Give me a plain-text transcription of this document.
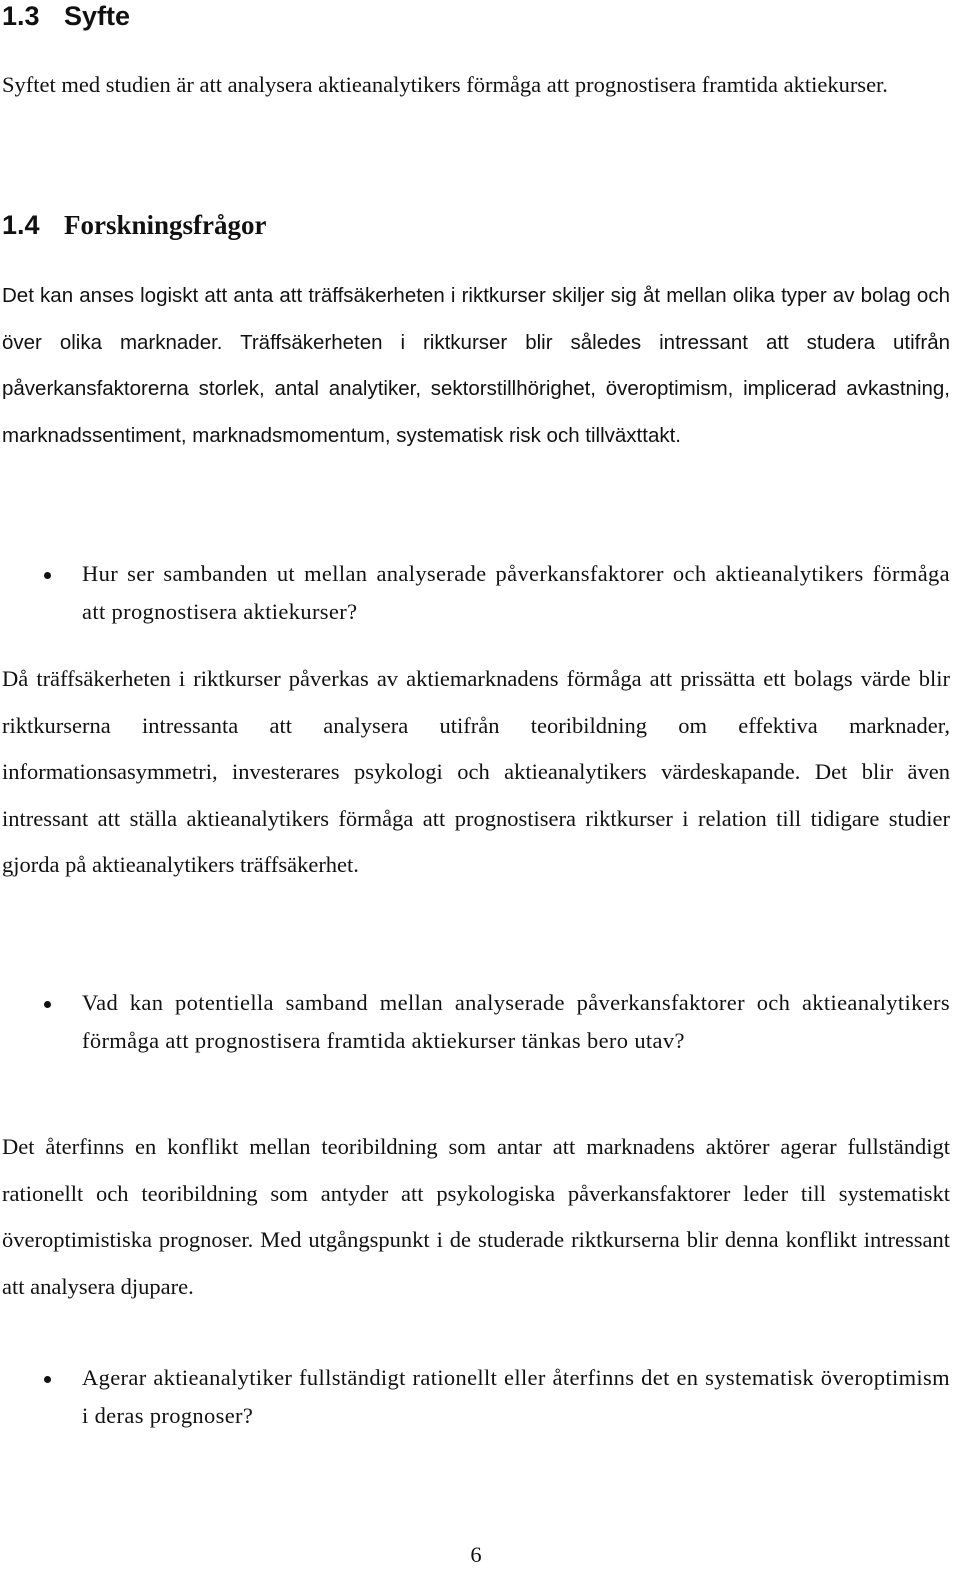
1.3 Syfte

Syftet med studien är att analysera aktieanalytikers förmåga att prognostisera framtida aktiekurser.

1.4 Forskningsfrågor

Det kan anses logiskt att anta att träffsäkerheten i riktkurser skiljer sig åt mellan olika typer av bolag och över olika marknader. Träffsäkerheten i riktkurser blir således intressant att studera utifrån påverkansfaktorerna storlek, antal analytiker, sektorstillhörighet, överoptimism, implicerad avkastning, marknadssentiment, marknadsmomentum, systematisk risk och tillväxttakt.

Hur ser sambanden ut mellan analyserade påverkansfaktorer och aktieanalytikers förmåga att prognostisera aktiekurser?

Då träffsäkerheten i riktkurser påverkas av aktiemarknadens förmåga att prissätta ett bolags värde blir riktkurserna intressanta att analysera utifrån teoribildning om effektiva marknader, informationsasymmetri, investerares psykologi och aktieanalytikers värdeskapande. Det blir även intressant att ställa aktieanalytikers förmåga att prognostisera riktkurser i relation till tidigare studier gjorda på aktieanalytikers träffsäkerhet.

Vad kan potentiella samband mellan analyserade påverkansfaktorer och aktieanalytikers förmåga att prognostisera framtida aktiekurser tänkas bero utav?

Det återfinns en konflikt mellan teoribildning som antar att marknadens aktörer agerar fullständigt rationellt och teoribildning som antyder att psykologiska påverkansfaktorer leder till systematiskt överoptimistiska prognoser. Med utgångspunkt i de studerade riktkurserna blir denna konflikt intressant att analysera djupare.

Agerar aktieanalytiker fullständigt rationellt eller återfinns det en systematisk överoptimism i deras prognoser?

6
